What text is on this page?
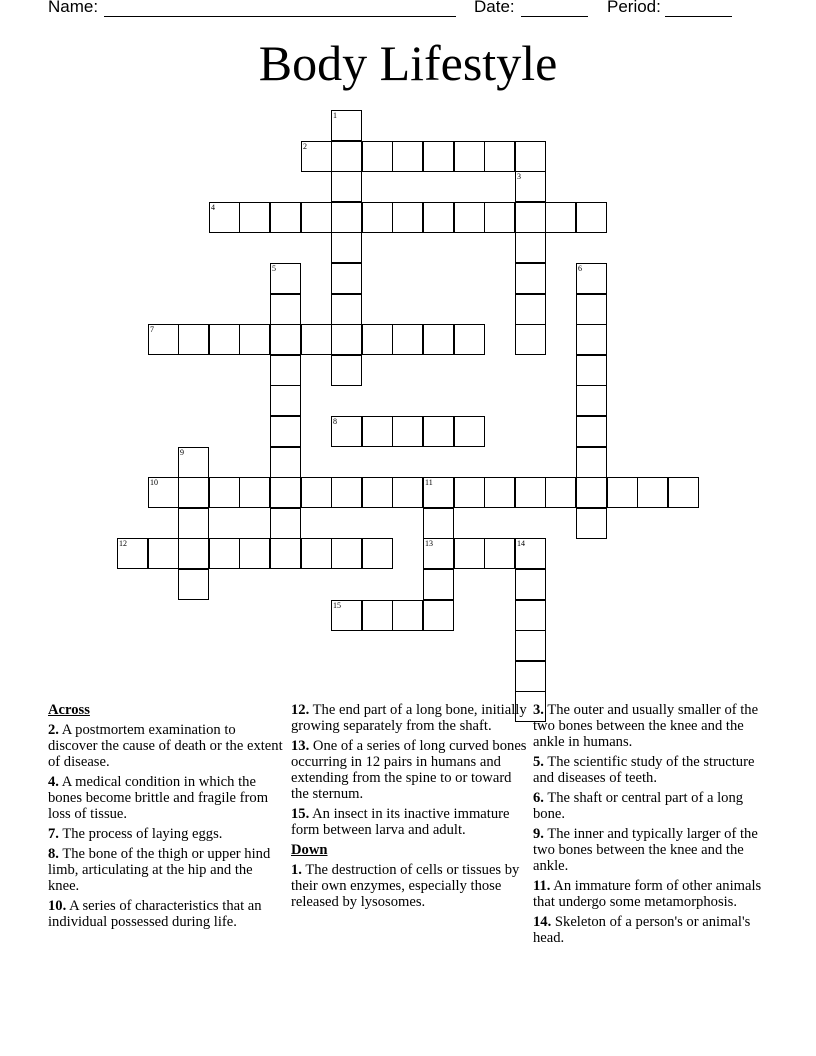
Name:	Date:	Period:
Body Lifestyle
1
2
3
4
5	6
7
8
9
10	11
13
12	14
15
Across
2. A postmortem examination to discover the cause of death or the extent of disease.
4. A medical condition in which the bones become brittle and fragile from loss of tissue.
7. The process of laying eggs.
8. The bone of the thigh or upper hind limb, articulating at the hip and the knee.
10. A series of characteristics that an individual possessed during life.
12. The end part of a long bone, initially growing separately from the shaft.
13. One of a series of long curved bones occurring in 12 pairs in humans and extending from the spine to or toward the sternum.
15. An insect in its inactive immature form between larva and adult.
Down
1. The destruction of cells or tissues by their own enzymes, especially those released by lysosomes.
3. The outer and usually smaller of the two bones between the knee and the ankle in humans.
5. The scientific study of the structure and diseases of teeth.
6. The shaft or central part of a long bone.
9. The inner and typically larger of the two bones between the knee and the ankle.
11. An immature form of other animals that undergo some metamorphosis.
14. Skeleton of a person's or animal's head.
